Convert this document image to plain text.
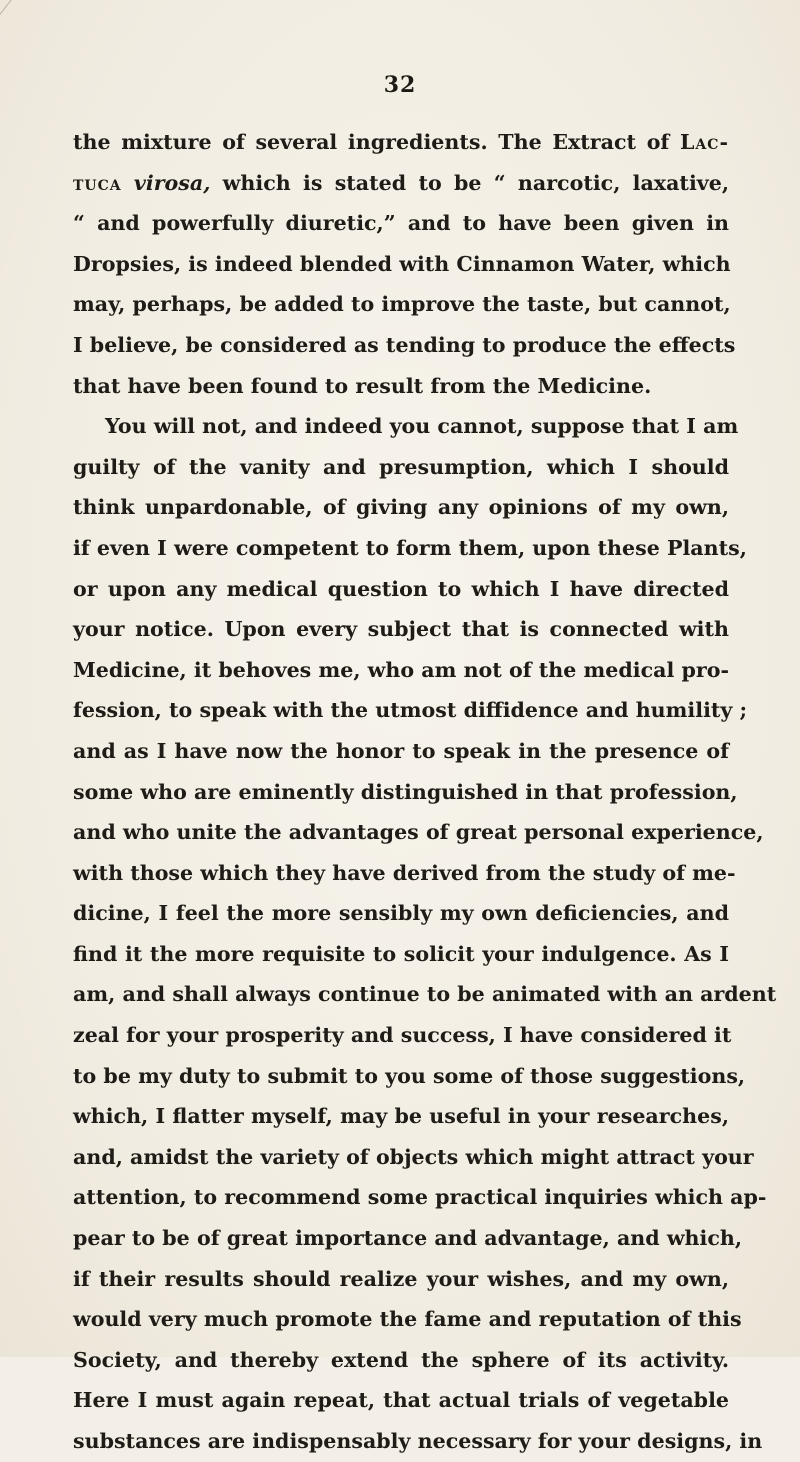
32
the mixture of several ingredients. The Extract of Lac-
tuca virosa, which is stated to be “ narcotic, laxative,
“ and powerfully diuretic,” and to have been given in
Dropsies, is indeed blended with Cinnamon Water, which
may, perhaps, be added to improve the taste, but cannot,
I believe, be considered as tending to produce the effects
that have been found to result from the Medicine.
You will not, and indeed you cannot, suppose that I am
guilty of the vanity and presumption, which I should
think unpardonable, of giving any opinions of my own,
if even I were competent to form them, upon these Plants,
or upon any medical question to which I have directed
your notice. Upon every subject that is connected with
Medicine, it behoves me, who am not of the medical pro-
fession, to speak with the utmost diffidence and humility ;
and as I have now the honor to speak in the presence of
some who are eminently distinguished in that profession,
and who unite the advantages of great personal experience,
with those which they have derived from the study of me-
dicine, I feel the more sensibly my own deficiencies, and
find it the more requisite to solicit your indulgence. As I
am, and shall always continue to be animated with an ardent
zeal for your prosperity and success, I have considered it
to be my duty to submit to you some of those suggestions,
which, I flatter myself, may be useful in your researches,
and, amidst the variety of objects which might attract your
attention, to recommend some practical inquiries which ap-
pear to be of great importance and advantage, and which,
if their results should realize your wishes, and my own,
would very much promote the fame and reputation of this
Society, and thereby extend the sphere of its activity.
Here I must again repeat, that actual trials of vegetable
substances are indispensably necessary for your designs, in
